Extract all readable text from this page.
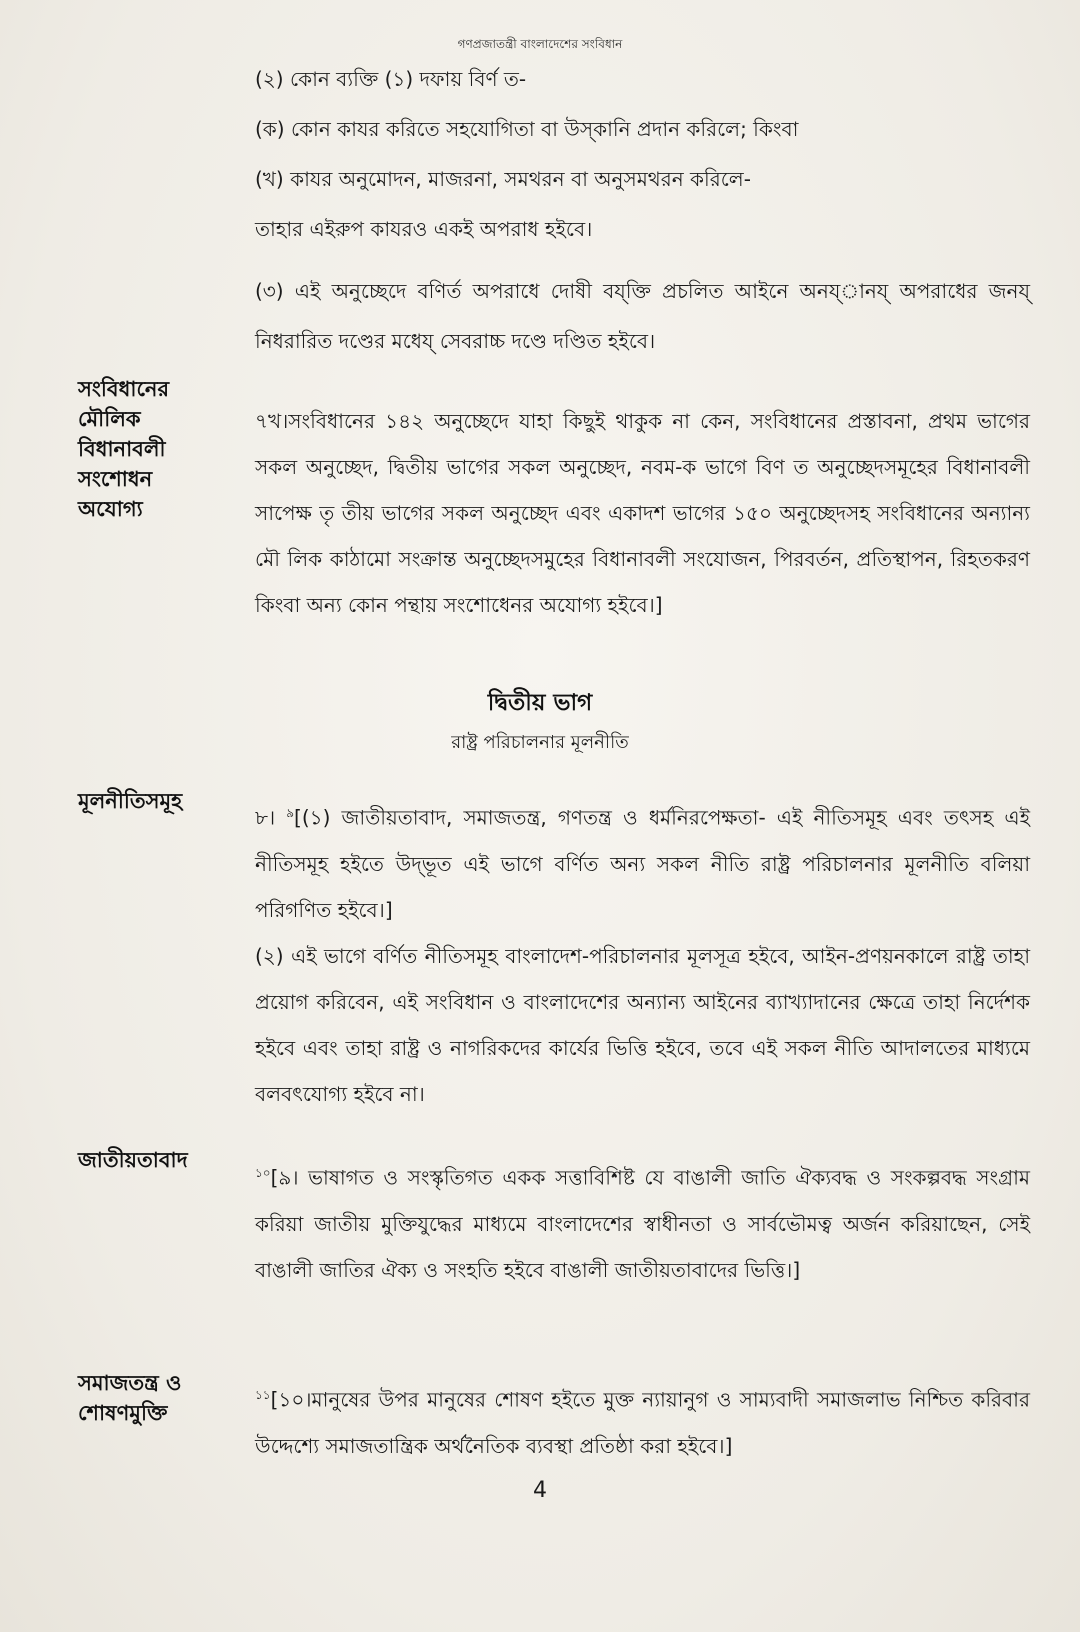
গণপ্রজাতন্ত্রী বাংলাদেশের সংবিধান
(২) কোন ব্যক্তি (১) দফায় বির্ণ ত-
(ক) কোন কাযর করিতে সহযোগিতা বা উস্‌কানি প্রদান করিলে; কিংবা
(খ) কাযর অনুমোদন, মাজরনা, সমথরন বা অনুসমথরন করিলে-
তাহার এইরুপ কাযরও একই অপরাধ হইবে।
(৩) এই অনুচ্ছেদে বণির্ত অপরাধে দোষী বয্‌ক্তি প্রচলিত আইনে অনয্‌ানয্‌ অপরাধের জনয্‌ নিধরারিত দণ্ডের মধেয্‌ সেবরাচ্চ দণ্ডে দণ্ডিত হইবে।
সংবিধানের
মৌলিক
বিধানাবলী
সংশোধন
অযোগ্য
৭খ।সংবিধানের ১৪২ অনুচ্ছেদে যাহা কিছুই থাকুক না কেন, সংবিধানের প্রস্তাবনা, প্রথম ভাগের সকল অনুচ্ছেদ, দ্বিতীয় ভাগের সকল অনুচ্ছেদ, নবম-ক ভাগে বিণ ত অনুচ্ছেদসমূহের বিধানাবলী সাপেক্ষ তৃ তীয় ভাগের সকল অনুচ্ছেদ এবং একাদশ ভাগের ১৫০ অনুচ্ছেদসহ সংবিধানের অন্যান্য মৌ লিক কাঠামো সংক্রান্ত অনুচ্ছেদসমুহের বিধানাবলী সংযোজন, পিরবর্তন, প্রতিস্থাপন, রিহতকরণ কিংবা অন্য কোন পন্থায় সংশোধেনর অযোগ্য হইবে।]
দ্বিতীয় ভাগ
রাষ্ট্র পরিচালনার মূলনীতি
মূলনীতিসমূহ
৮। $^৯$[(১) জাতীয়তাবাদ, সমাজতন্ত্র, গণতন্ত্র ও ধর্মনিরপেক্ষতা- এই নীতিসমূহ এবং তৎসহ এই নীতিসমূহ হইতে উদ্‌ভূত এই ভাগে বর্ণিত অন্য সকল নীতি রাষ্ট্র পরিচালনার মূলনীতি বলিয়া পরিগণিত হইবে।]
(২) এই ভাগে বর্ণিত নীতিসমূহ বাংলাদেশ-পরিচালনার মূলসূত্র হইবে, আইন-প্রণয়নকালে রাষ্ট্র তাহা প্রয়োগ করিবেন, এই সংবিধান ও বাংলাদেশের অন্যান্য আইনের ব্যাখ্যাদানের ক্ষেত্রে তাহা নির্দেশক হইবে এবং তাহা রাষ্ট্র ও নাগরিকদের কার্যের ভিত্তি হইবে, তবে এই সকল নীতি আদালতের মাধ্যমে বলবৎযোগ্য হইবে না।
জাতীয়তাবাদ
$^{১০}$[৯। ভাষাগত ও সংস্কৃতিগত একক সত্তাবিশিষ্ট যে বাঙালী জাতি ঐক্যবদ্ধ ও সংকল্পবদ্ধ সংগ্রাম করিয়া জাতীয় মুক্তিযুদ্ধের মাধ্যমে বাংলাদেশের স্বাধীনতা ও সার্বভৌমত্ব অর্জন করিয়াছেন, সেই বাঙালী জাতির ঐক্য ও সংহতি হইবে বাঙালী জাতীয়তাবাদের ভিত্তি।]
সমাজতন্ত্র ও
শোষণমুক্তি
$^{১১}$[১০।মানুষের উপর মানুষের শোষণ হইতে মুক্ত ন্যায়ানুগ ও সাম্যবাদী সমাজলাভ নিশ্চিত করিবার উদ্দেশ্যে সমাজতান্ত্রিক অর্থনৈতিক ব্যবস্থা প্রতিষ্ঠা করা হইবে।]
4
